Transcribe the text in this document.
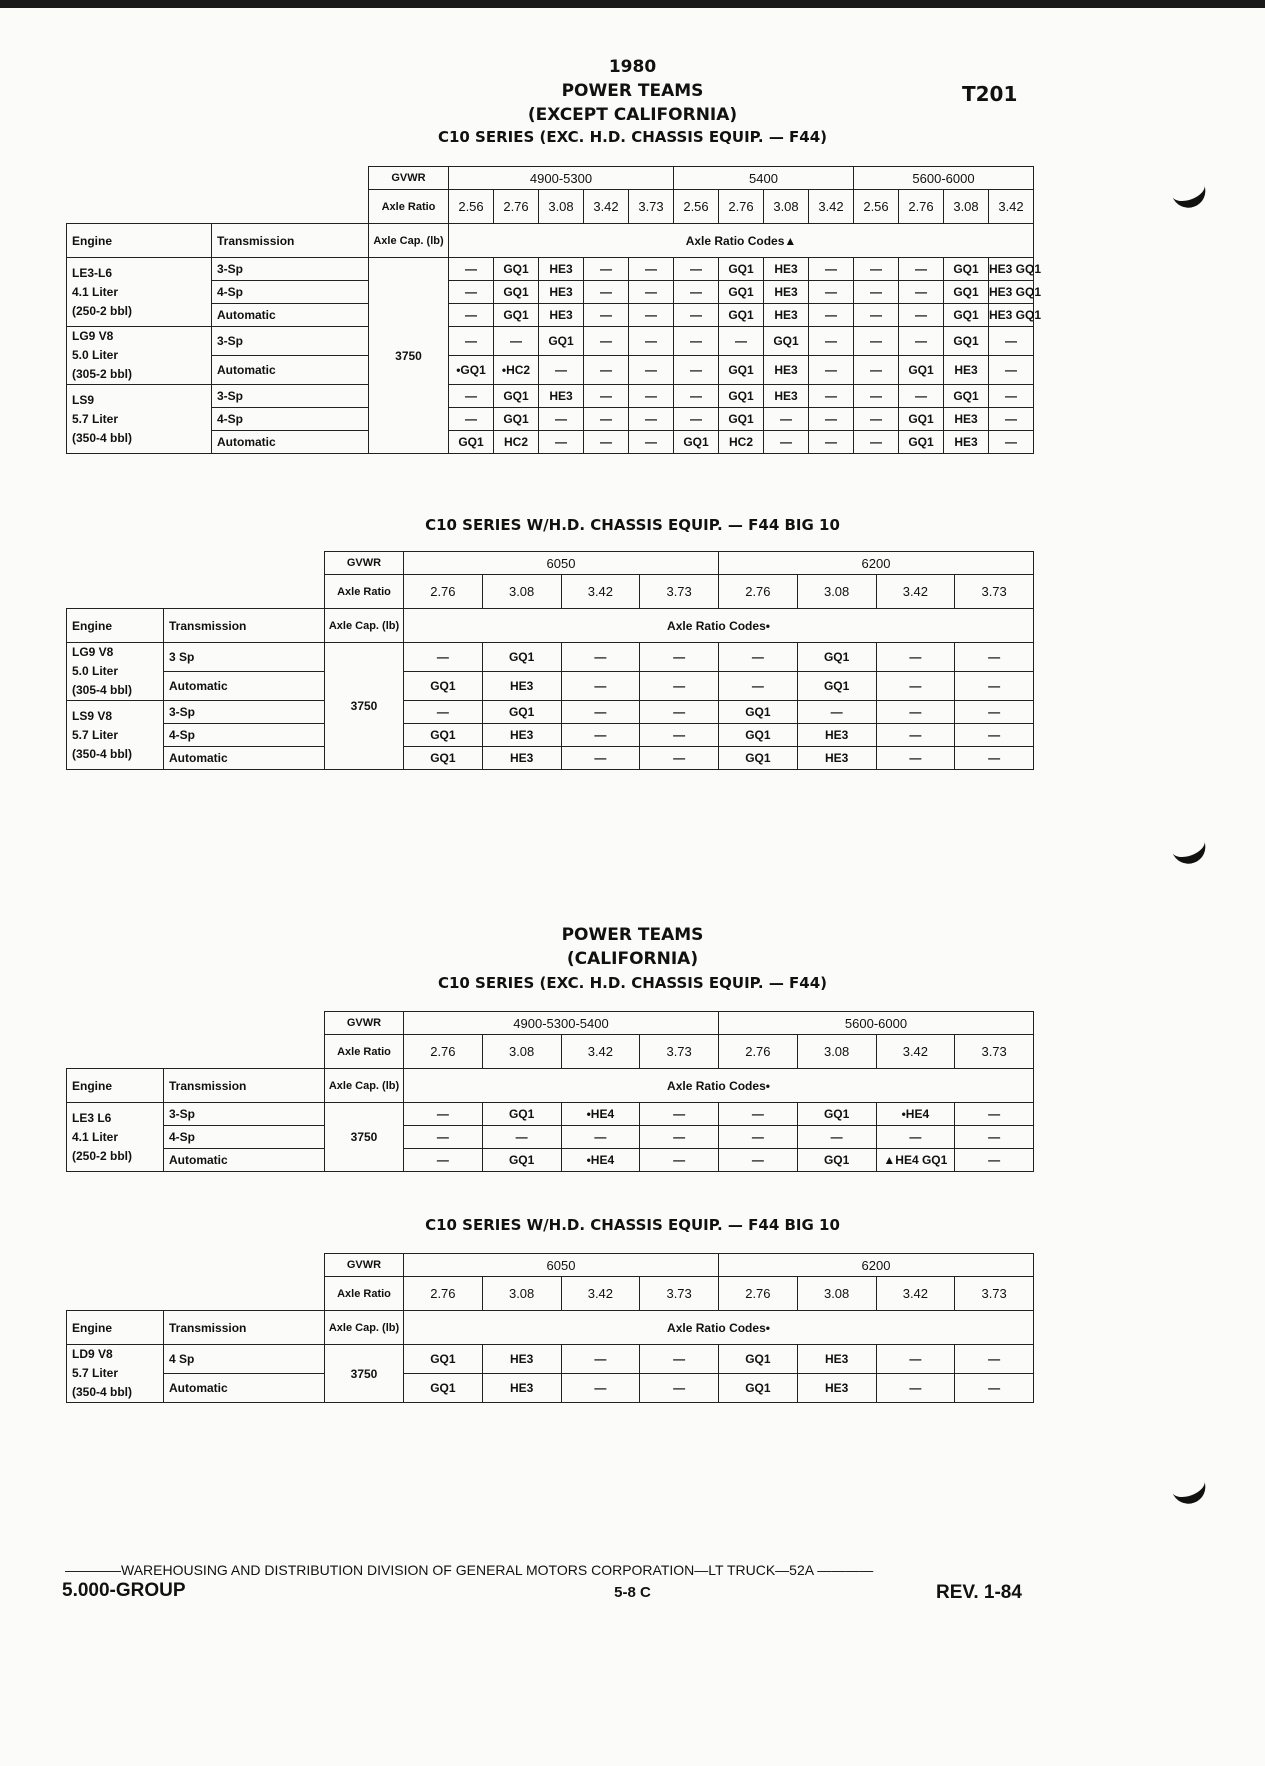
1980
POWER TEAMS
(EXCEPT CALIFORNIA)
T201
C10 SERIES (EXC. H.D. CHASSIS EQUIP. — F44)
		GVWR	4900-5300					5400				5600-6000			
		Axle Ratio	2.56	2.76	3.08	3.42	3.73	2.56	2.76	3.08	3.42	2.56	2.76	3.08	3.42
Engine	Transmission	Axle Cap. (lb)	Axle Ratio Codes▲												

LE3-L6
4.1 Liter
(250-2 bbl)	3-Sp	3750	—	GQ1	HE3	—	—	—	GQ1	HE3	—	—	—	GQ1	HE3 GQ1
	4-Sp		—	GQ1	HE3	—	—	—	GQ1	HE3	—	—	—	GQ1	HE3 GQ1
	Automatic		—	GQ1	HE3	—	—	—	GQ1	HE3	—	—	—	GQ1	HE3 GQ1

LG9 V8
5.0 Liter
(305-2 bbl)	3-Sp		—	—	GQ1	—	—	—	—	GQ1	—	—	—	GQ1	—
	Automatic		•GQ1	•HC2	—	—	—	—	GQ1	HE3	—	—	GQ1	HE3	—

LS9
5.7 Liter
(350-4 bbl)	3-Sp		—	GQ1	HE3	—	—	—	GQ1	HE3	—	—	—	GQ1	—
	4-Sp		—	GQ1	—	—	—	—	GQ1	—	—	—	GQ1	HE3	—
	Automatic		GQ1	HC2	—	—	—	GQ1	HC2	—	—	—	GQ1	HE3	—
C10 SERIES W/H.D. CHASSIS EQUIP. — F44 BIG 10
		GVWR	6050				6200			
		Axle Ratio	2.76	3.08	3.42	3.73	2.76	3.08	3.42	3.73
Engine	Transmission	Axle Cap. (lb)	Axle Ratio Codes•							

LG9 V8
5.0 Liter
(305-4 bbl)	3 Sp	3750	—	GQ1	—	—	—	GQ1	—	—
	Automatic		GQ1	HE3	—	—	—	GQ1	—	—

LS9 V8
5.7 Liter
(350-4 bbl)	3-Sp		—	GQ1	—	—	GQ1	—	—	—
	4-Sp		GQ1	HE3	—	—	GQ1	HE3	—	—
	Automatic		GQ1	HE3	—	—	GQ1	HE3	—	—
POWER TEAMS
(CALIFORNIA)
C10 SERIES (EXC. H.D. CHASSIS EQUIP. — F44)
		GVWR	4900-5300-5400				5600-6000			
		Axle Ratio	2.76	3.08	3.42	3.73	2.76	3.08	3.42	3.73
Engine	Transmission	Axle Cap. (lb)	Axle Ratio Codes•							

LE3 L6
4.1 Liter
(250-2 bbl)	3-Sp	3750	—	GQ1	•HE4	—	—	GQ1	•HE4	—
	4-Sp		—	—	—	—	—	—	—	—
	Automatic		—	GQ1	•HE4	—	—	GQ1	▲HE4 GQ1	—
C10 SERIES W/H.D. CHASSIS EQUIP. — F44 BIG 10
		GVWR	6050				6200			
		Axle Ratio	2.76	3.08	3.42	3.73	2.76	3.08	3.42	3.73
Engine	Transmission	Axle Cap. (lb)	Axle Ratio Codes•							

LD9 V8
5.7 Liter
(350-4 bbl)	4 Sp	3750	GQ1	HE3	—	—	GQ1	HE3	—	—
	Automatic		GQ1	HE3	—	—	GQ1	HE3	—	—
————WAREHOUSING AND DISTRIBUTION DIVISION OF GENERAL MOTORS CORPORATION—LT TRUCK—52A ————
5.000-GROUP	5-8 C	REV. 1-84
